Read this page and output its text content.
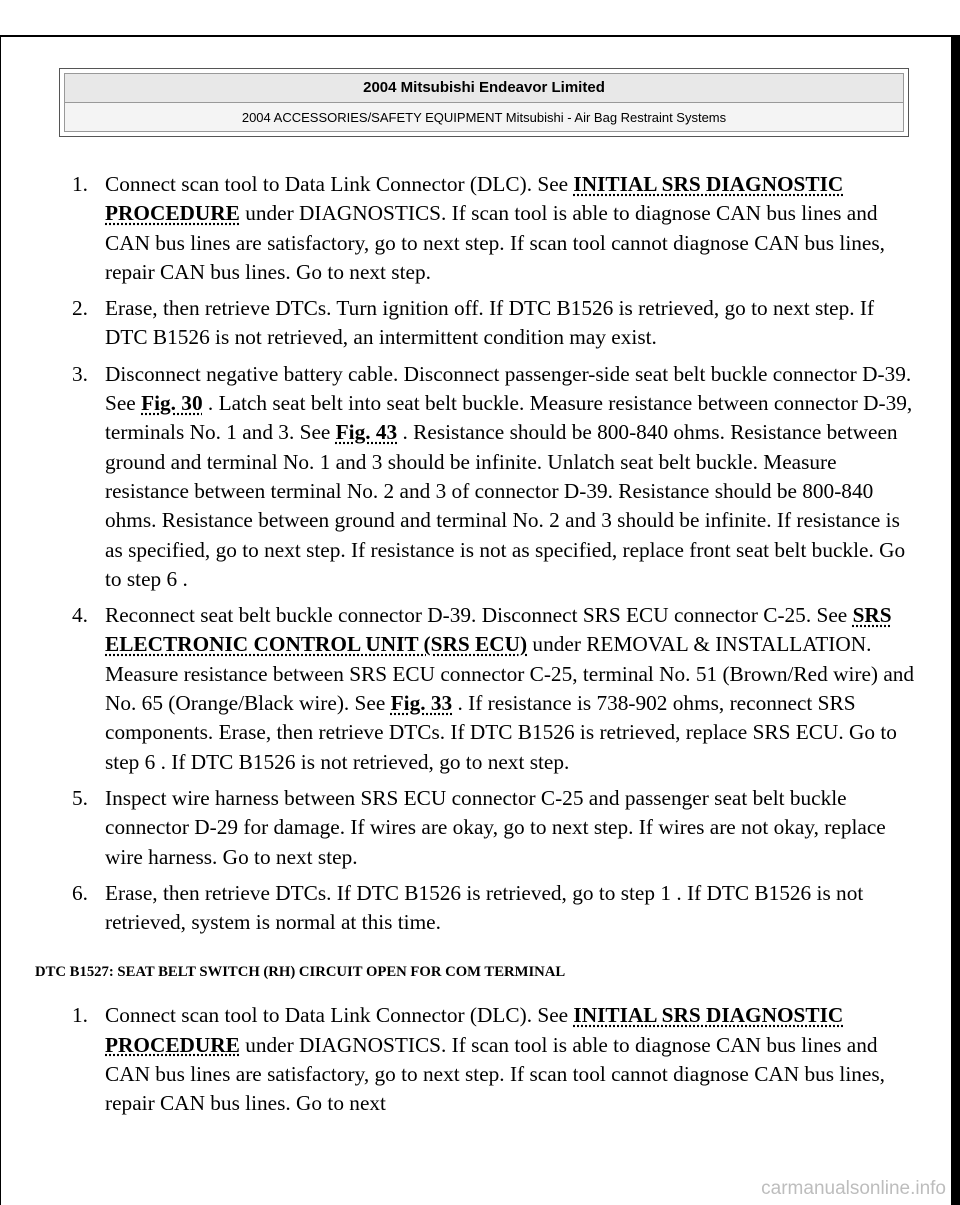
2004 Mitsubishi Endeavor Limited
2004 ACCESSORIES/SAFETY EQUIPMENT Mitsubishi - Air Bag Restraint Systems
1. Connect scan tool to Data Link Connector (DLC). See INITIAL SRS DIAGNOSTIC PROCEDURE under DIAGNOSTICS. If scan tool is able to diagnose CAN bus lines and CAN bus lines are satisfactory, go to next step. If scan tool cannot diagnose CAN bus lines, repair CAN bus lines. Go to next step.
2. Erase, then retrieve DTCs. Turn ignition off. If DTC B1526 is retrieved, go to next step. If DTC B1526 is not retrieved, an intermittent condition may exist.
3. Disconnect negative battery cable. Disconnect passenger-side seat belt buckle connector D-39. See Fig. 30 . Latch seat belt into seat belt buckle. Measure resistance between connector D-39, terminals No. 1 and 3. See Fig. 43 . Resistance should be 800-840 ohms. Resistance between ground and terminal No. 1 and 3 should be infinite. Unlatch seat belt buckle. Measure resistance between terminal No. 2 and 3 of connector D-39. Resistance should be 800-840 ohms. Resistance between ground and terminal No. 2 and 3 should be infinite. If resistance is as specified, go to next step. If resistance is not as specified, replace front seat belt buckle. Go to step 6 .
4. Reconnect seat belt buckle connector D-39. Disconnect SRS ECU connector C-25. See SRS ELECTRONIC CONTROL UNIT (SRS ECU) under REMOVAL & INSTALLATION. Measure resistance between SRS ECU connector C-25, terminal No. 51 (Brown/Red wire) and No. 65 (Orange/Black wire). See Fig. 33 . If resistance is 738-902 ohms, reconnect SRS components. Erase, then retrieve DTCs. If DTC B1526 is retrieved, replace SRS ECU. Go to step 6 . If DTC B1526 is not retrieved, go to next step.
5. Inspect wire harness between SRS ECU connector C-25 and passenger seat belt buckle connector D-29 for damage. If wires are okay, go to next step. If wires are not okay, replace wire harness. Go to next step.
6. Erase, then retrieve DTCs. If DTC B1526 is retrieved, go to step 1 . If DTC B1526 is not retrieved, system is normal at this time.
DTC B1527: SEAT BELT SWITCH (RH) CIRCUIT OPEN FOR COM TERMINAL
1. Connect scan tool to Data Link Connector (DLC). See INITIAL SRS DIAGNOSTIC PROCEDURE under DIAGNOSTICS. If scan tool is able to diagnose CAN bus lines and CAN bus lines are satisfactory, go to next step. If scan tool cannot diagnose CAN bus lines, repair CAN bus lines. Go to next
carmanualsonline.info
